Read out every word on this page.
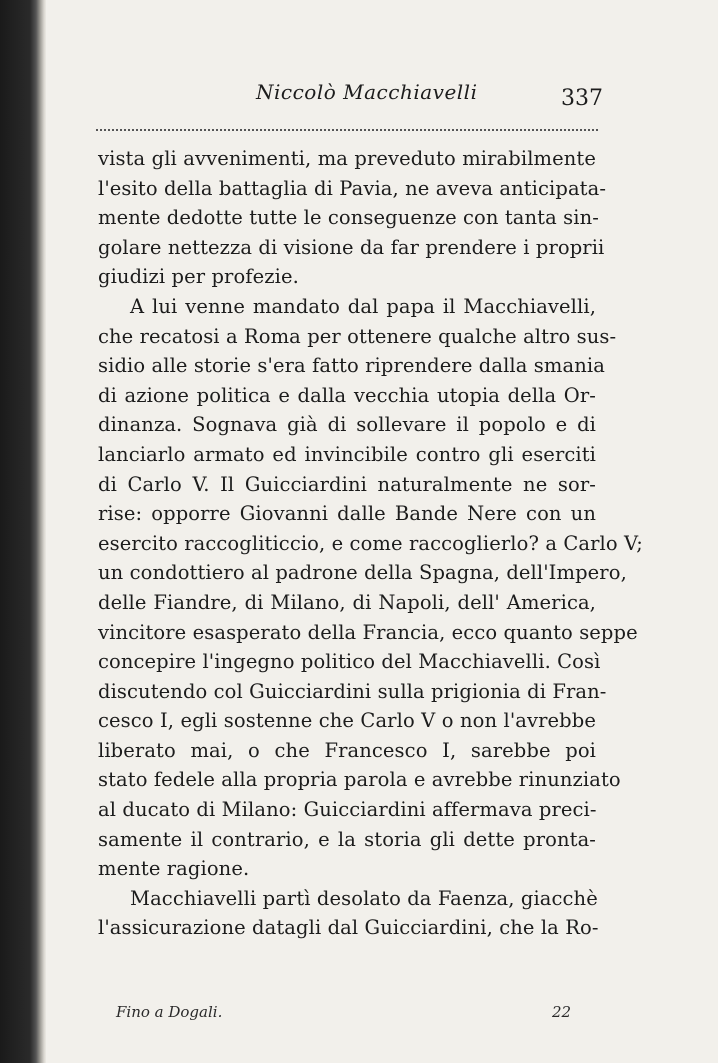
Niccolò Macchiavelli	337
vista gli avvenimenti, ma preveduto mirabilmente
l'esito della battaglia di Pavia, ne aveva anticipata-
mente dedotte tutte le conseguenze con tanta sin-
golare nettezza di visione da far prendere i proprii
giudizi per profezie.
A lui venne mandato dal papa il Macchiavelli,
che recatosi a Roma per ottenere qualche altro sus-
sidio alle storie s'era fatto riprendere dalla smania
di azione politica e dalla vecchia utopia della Or-
dinanza. Sognava già di sollevare il popolo e di
lanciarlo armato ed invincibile contro gli eserciti
di Carlo V. Il Guicciardini naturalmente ne sor-
rise: opporre Giovanni dalle Bande Nere con un
esercito raccogliticcio, e come raccoglierlo? a Carlo V;
un condottiero al padrone della Spagna, dell'Impero,
delle Fiandre, di Milano, di Napoli, dell' America,
vincitore esasperato della Francia, ecco quanto seppe
concepire l'ingegno politico del Macchiavelli. Così
discutendo col Guicciardini sulla prigionia di Fran-
cesco I, egli sostenne che Carlo V o non l'avrebbe
liberato mai, o che Francesco I, sarebbe poi
stato fedele alla propria parola e avrebbe rinunziato
al ducato di Milano: Guicciardini affermava preci-
samente il contrario, e la storia gli dette pronta-
mente ragione.
Macchiavelli partì desolato da Faenza, giacchè
l'assicurazione datagli dal Guicciardini, che la Ro-
Fino a Dogali.	22
